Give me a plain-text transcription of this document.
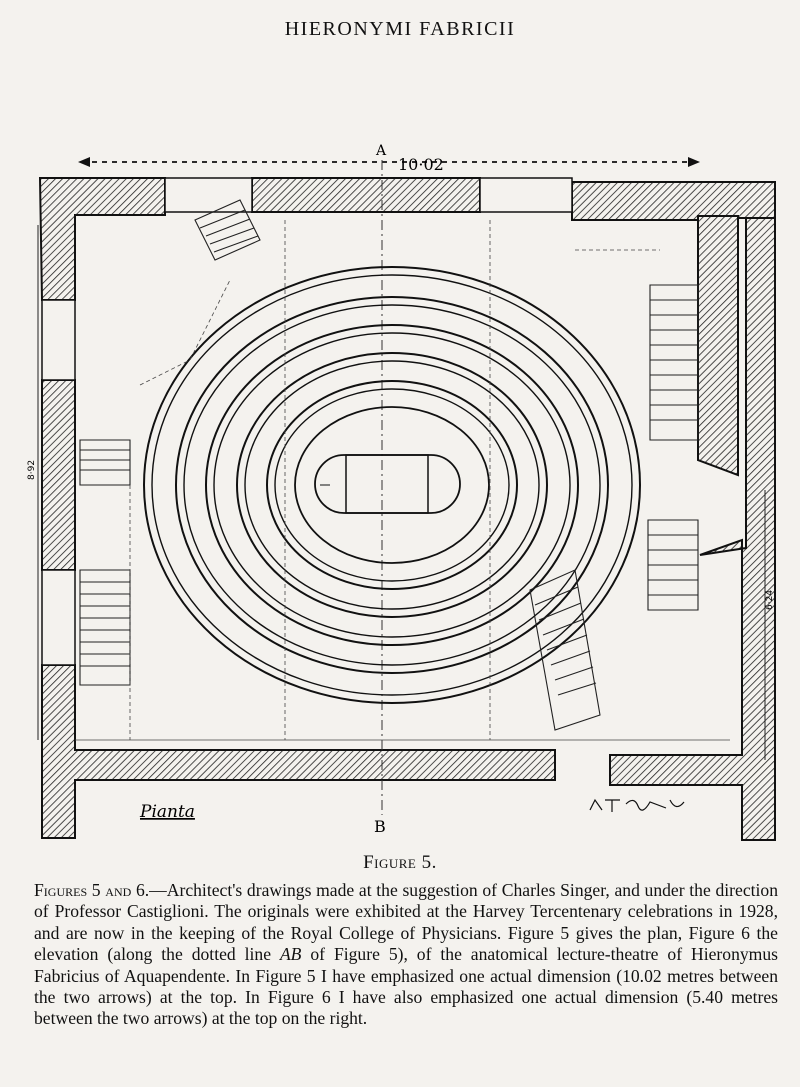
HIERONYMI FABRICII
10·02
A
8·92
6·24
B
Pianta
Figure 5.

Figures 5 and 6.—Architect's drawings made at the suggestion of Charles Singer, and under the direction of Professor Castiglioni. The originals were exhibited at the Harvey Tercentenary celebrations in 1928, and are now in the keeping of the Royal College of Physicians. Figure 5 gives the plan, Figure 6 the elevation (along the dotted line AB of Figure 5), of the anatomical lecture-theatre of Hieronymus Fabricius of Aquapendente. In Figure 5 I have emphasized one actual dimension (10.02 metres between the two arrows) at the top. In Figure 6 I have also emphasized one actual dimension (5.40 metres between the two arrows) at the top on the right.
